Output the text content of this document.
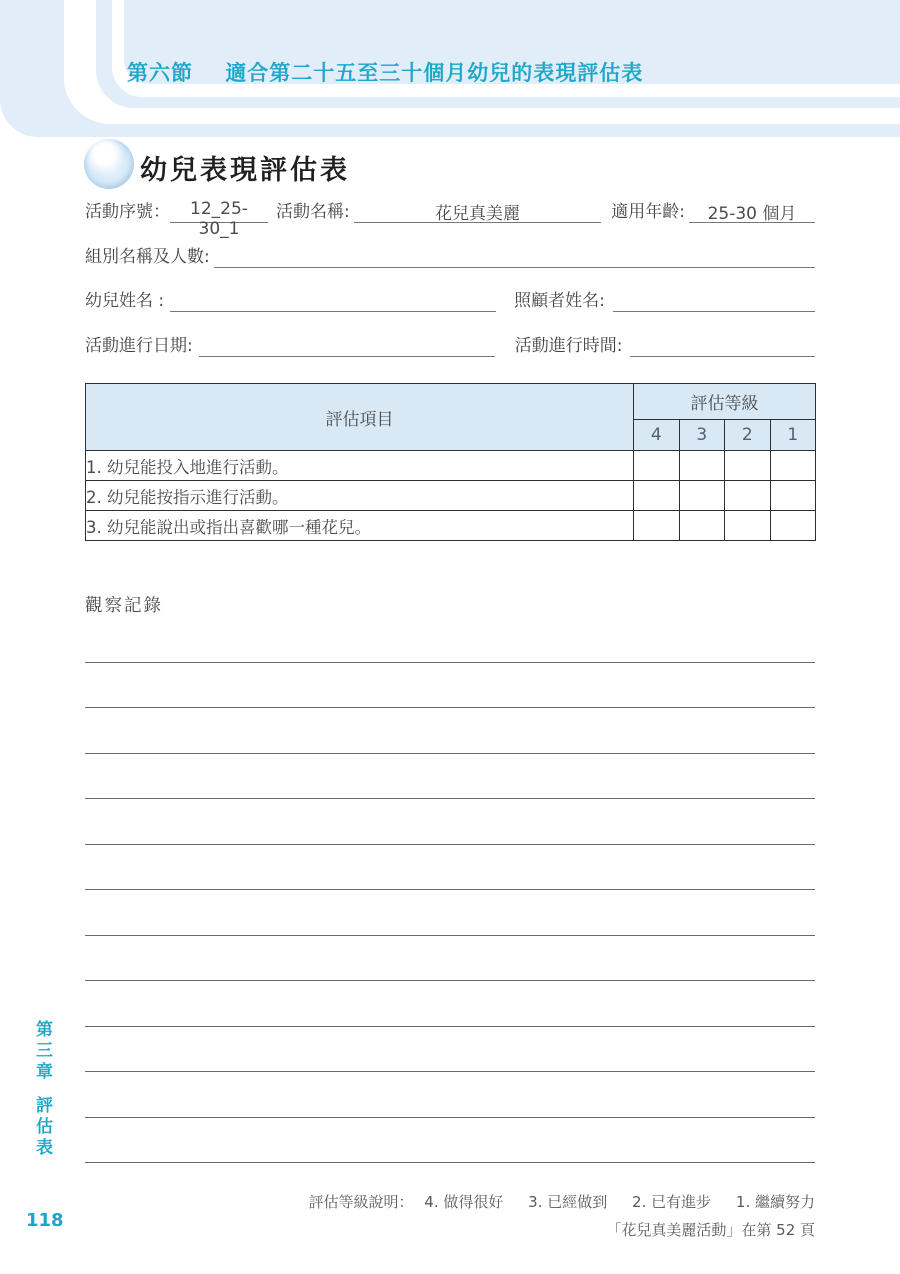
第六節 適合第二十五至三十個月幼兒的表現評估表
幼兒表現評估表
活動序號：	12_25-30_1
活動名稱:	花兒真美麗	適用年齡:	25-30 個月
組別名稱及人數:
幼兒姓名 :	照顧者姓名:
活動進行日期:	活動進行時間:
評估項目	評估等級			
	4	3	2	1
1. 幼兒能投入地進行活動。				
2. 幼兒能按指示進行活動。				
3. 幼兒能說出或指出喜歡哪一種花兒。				
觀察記錄
第三章
評估表
118
評估等級說明： 4. 做得很好 3. 已經做到 2. 已有進步 1. 繼續努力
「花兒真美麗活動」在第 52 頁
